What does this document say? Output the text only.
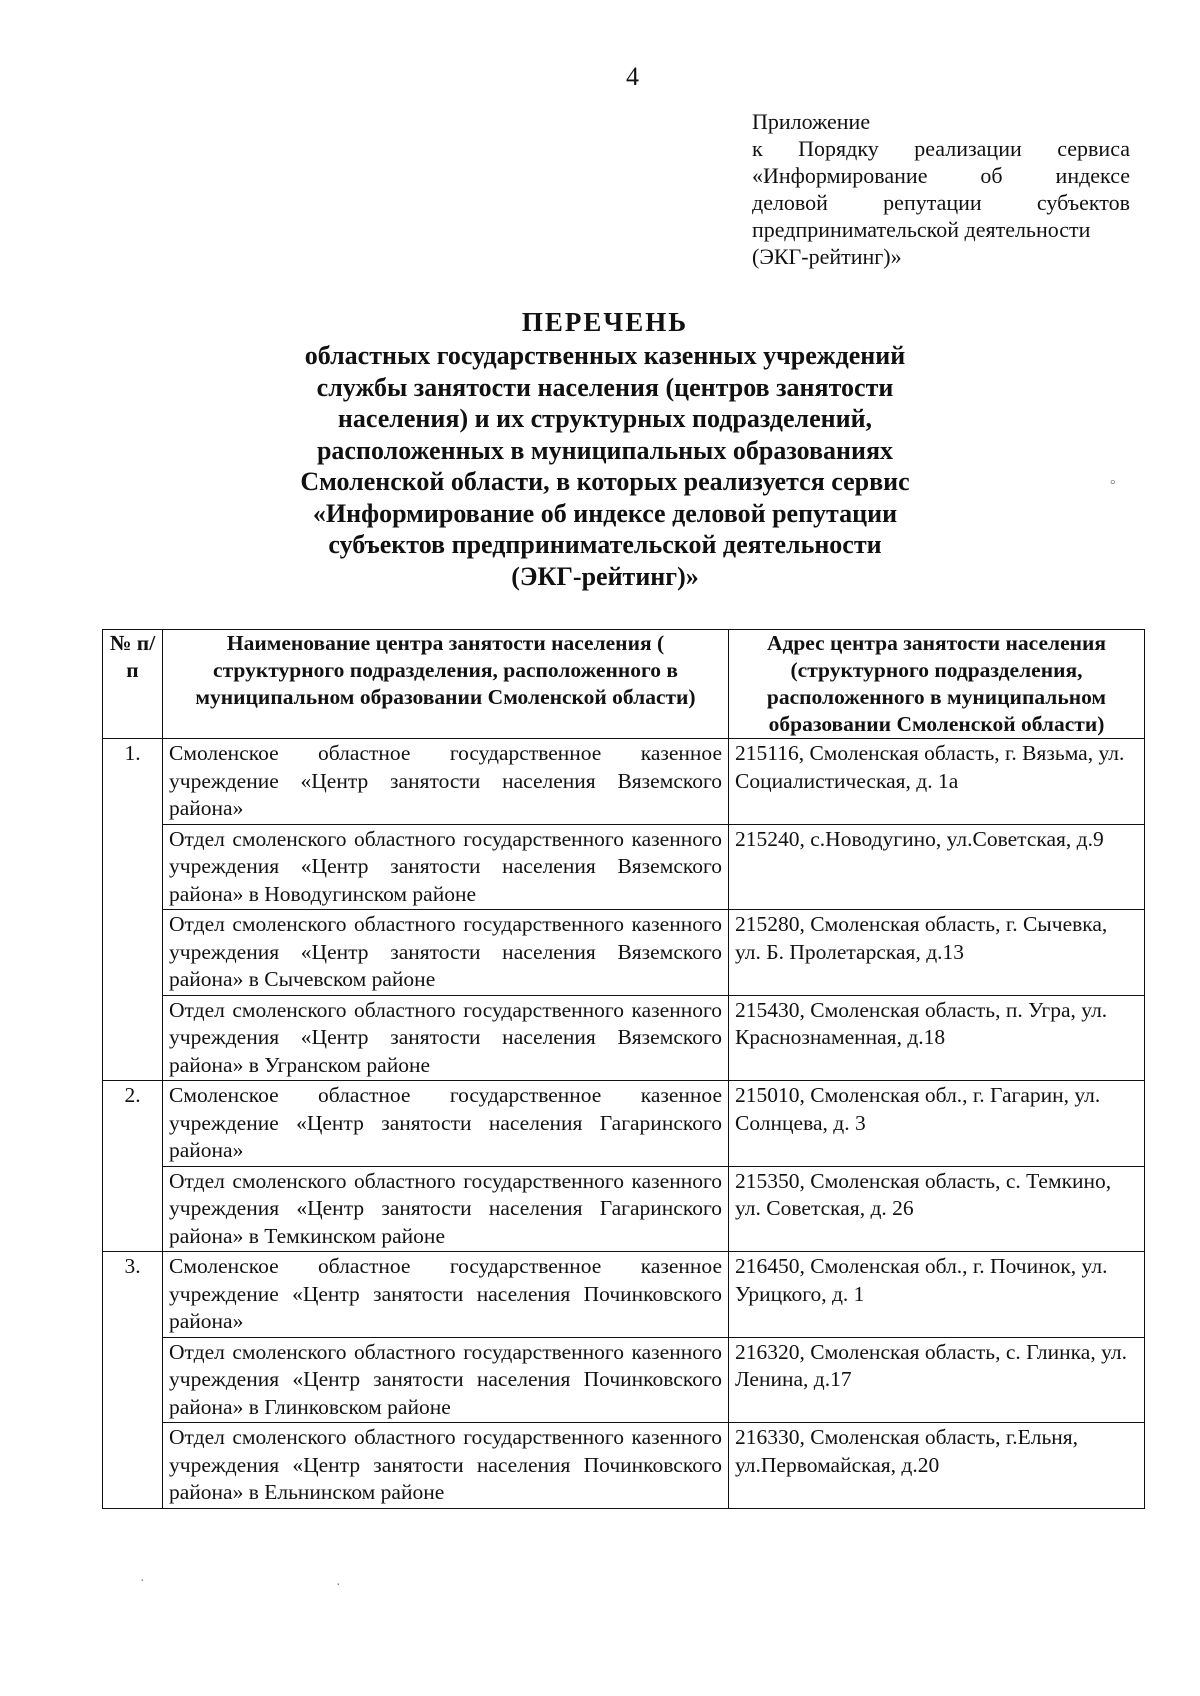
4
Приложение
к Порядку реализации сервиса
«Информирование об индексе
деловой репутации субъектов
предпринимательской деятельности
(ЭКГ-рейтинг)»
ПЕРЕЧЕНЬ
областных государственных казенных учреждений
службы занятости населения (центров занятости
населения) и их структурных подразделений,
расположенных в муниципальных образованиях
Смоленской области, в которых реализуется сервис
«Информирование об индексе деловой репутации
субъектов предпринимательской деятельности
(ЭКГ-рейтинг)»
№ п/п	Наименование центра занятости населения ( структурного подразделения, расположенного в муниципальном образовании Смоленской области)	Адрес центра занятости населения (структурного подразделения, расположенного в муниципальном образовании Смоленской области)
1.	Смоленское областное государственное казенное учреждение «Центр занятости населения Вяземского района»	215116, Смоленская область, г. Вязьма, ул. Социалистическая, д. 1а
	Отдел смоленского областного государственного казенного учреждения «Центр занятости населения Вяземского района» в Новодугинском районе	215240, с.Новодугино, ул.Советская, д.9
	Отдел смоленского областного государственного казенного учреждения «Центр занятости населения Вяземского района» в Сычевском районе	215280, Смоленская область, г. Сычевка, ул. Б. Пролетарская, д.13
	Отдел смоленского областного государственного казенного учреждения «Центр занятости населения Вяземского района» в Угранском районе	215430, Смоленская область, п. Угра, ул. Краснознаменная, д.18
2.	Смоленское областное государственное казенное учреждение «Центр занятости населения Гагаринского района»	215010, Смоленская обл., г. Гагарин, ул. Солнцева, д. 3
	Отдел смоленского областного государственного казенного учреждения «Центр занятости населения Гагаринского района» в Темкинском районе	215350, Смоленская область, с. Темкино, ул. Советская, д. 26
3.	Смоленское областное государственное казенное учреждение «Центр занятости населения Починковского района»	216450, Смоленская обл., г. Починок, ул. Урицкого, д. 1
	Отдел смоленского областного государственного казенного учреждения «Центр занятости населения Починковского района» в Глинковском районе	216320, Смоленская область, с. Глинка, ул. Ленина, д.17
	Отдел смоленского областного государственного казенного учреждения «Центр занятости населения Починковского района» в Ельнинском районе	216330, Смоленская область, г.Ельня, ул.Первомайская, д.20
°
·
·
